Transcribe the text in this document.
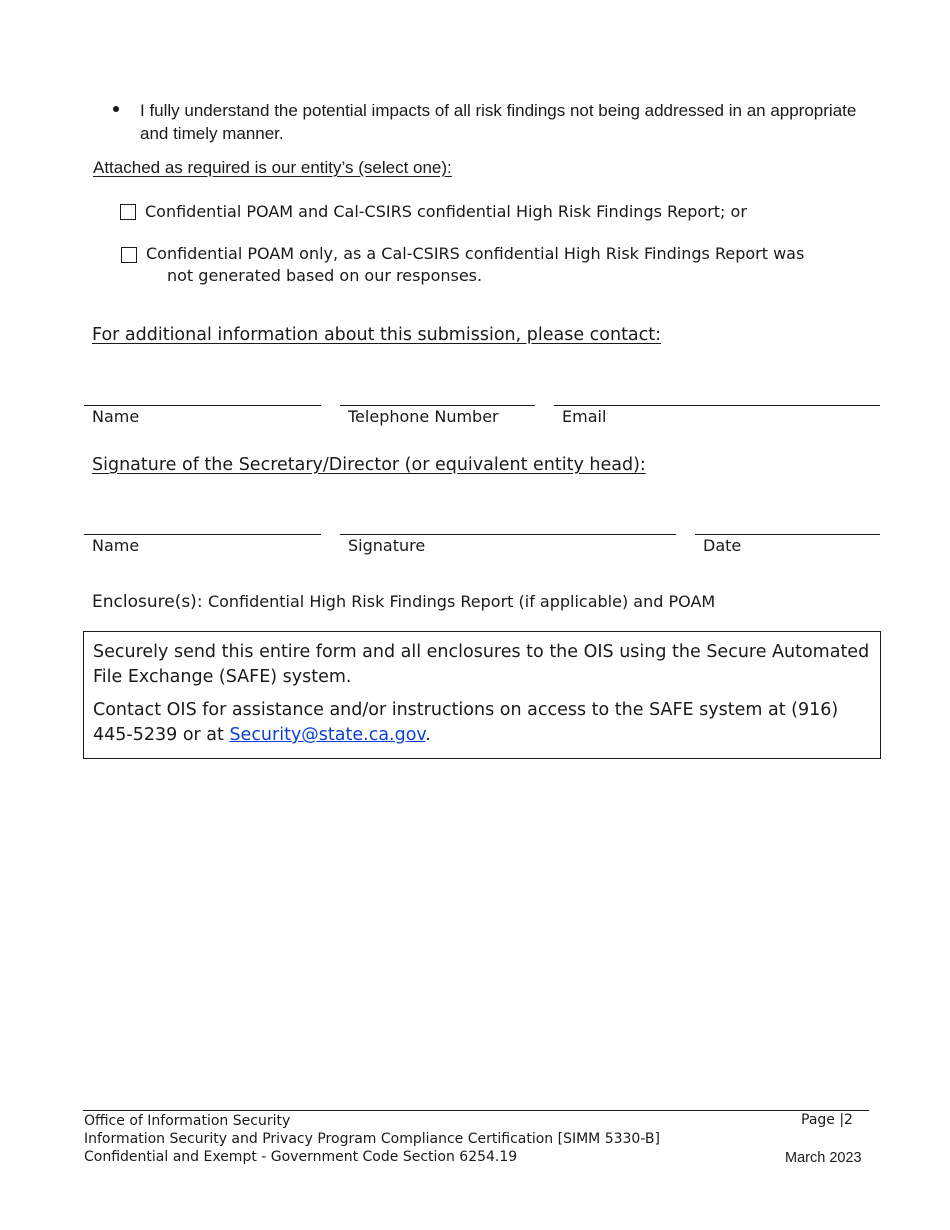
I fully understand the potential impacts of all risk findings not being addressed in an appropriate and timely manner.
Attached as required is our entity’s (select one):
Confidential POAM and Cal-CSIRS confidential High Risk Findings Report; or
Confidential POAM only, as a Cal-CSIRS confidential High Risk Findings Report was
not generated based on our responses.
For additional information about this submission, please contact:
Name	Telephone Number	Email
Signature of the Secretary/Director (or equivalent entity head):
Name	Signature	Date
Enclosure(s): Confidential High Risk Findings Report (if applicable) and POAM

Securely send this entire form and all enclosures to the OIS using the Secure Automated File Exchange (SAFE) system.

Contact OIS for assistance and/or instructions on access to the SAFE system at (916) 445-5239 or at Security@state.ca.gov.

Office of Information Security
Information Security and Privacy Program Compliance Certification [SIMM 5330-B]
Confidential and Exempt - Government Code Section 6254.19
Page |2
March 2023
